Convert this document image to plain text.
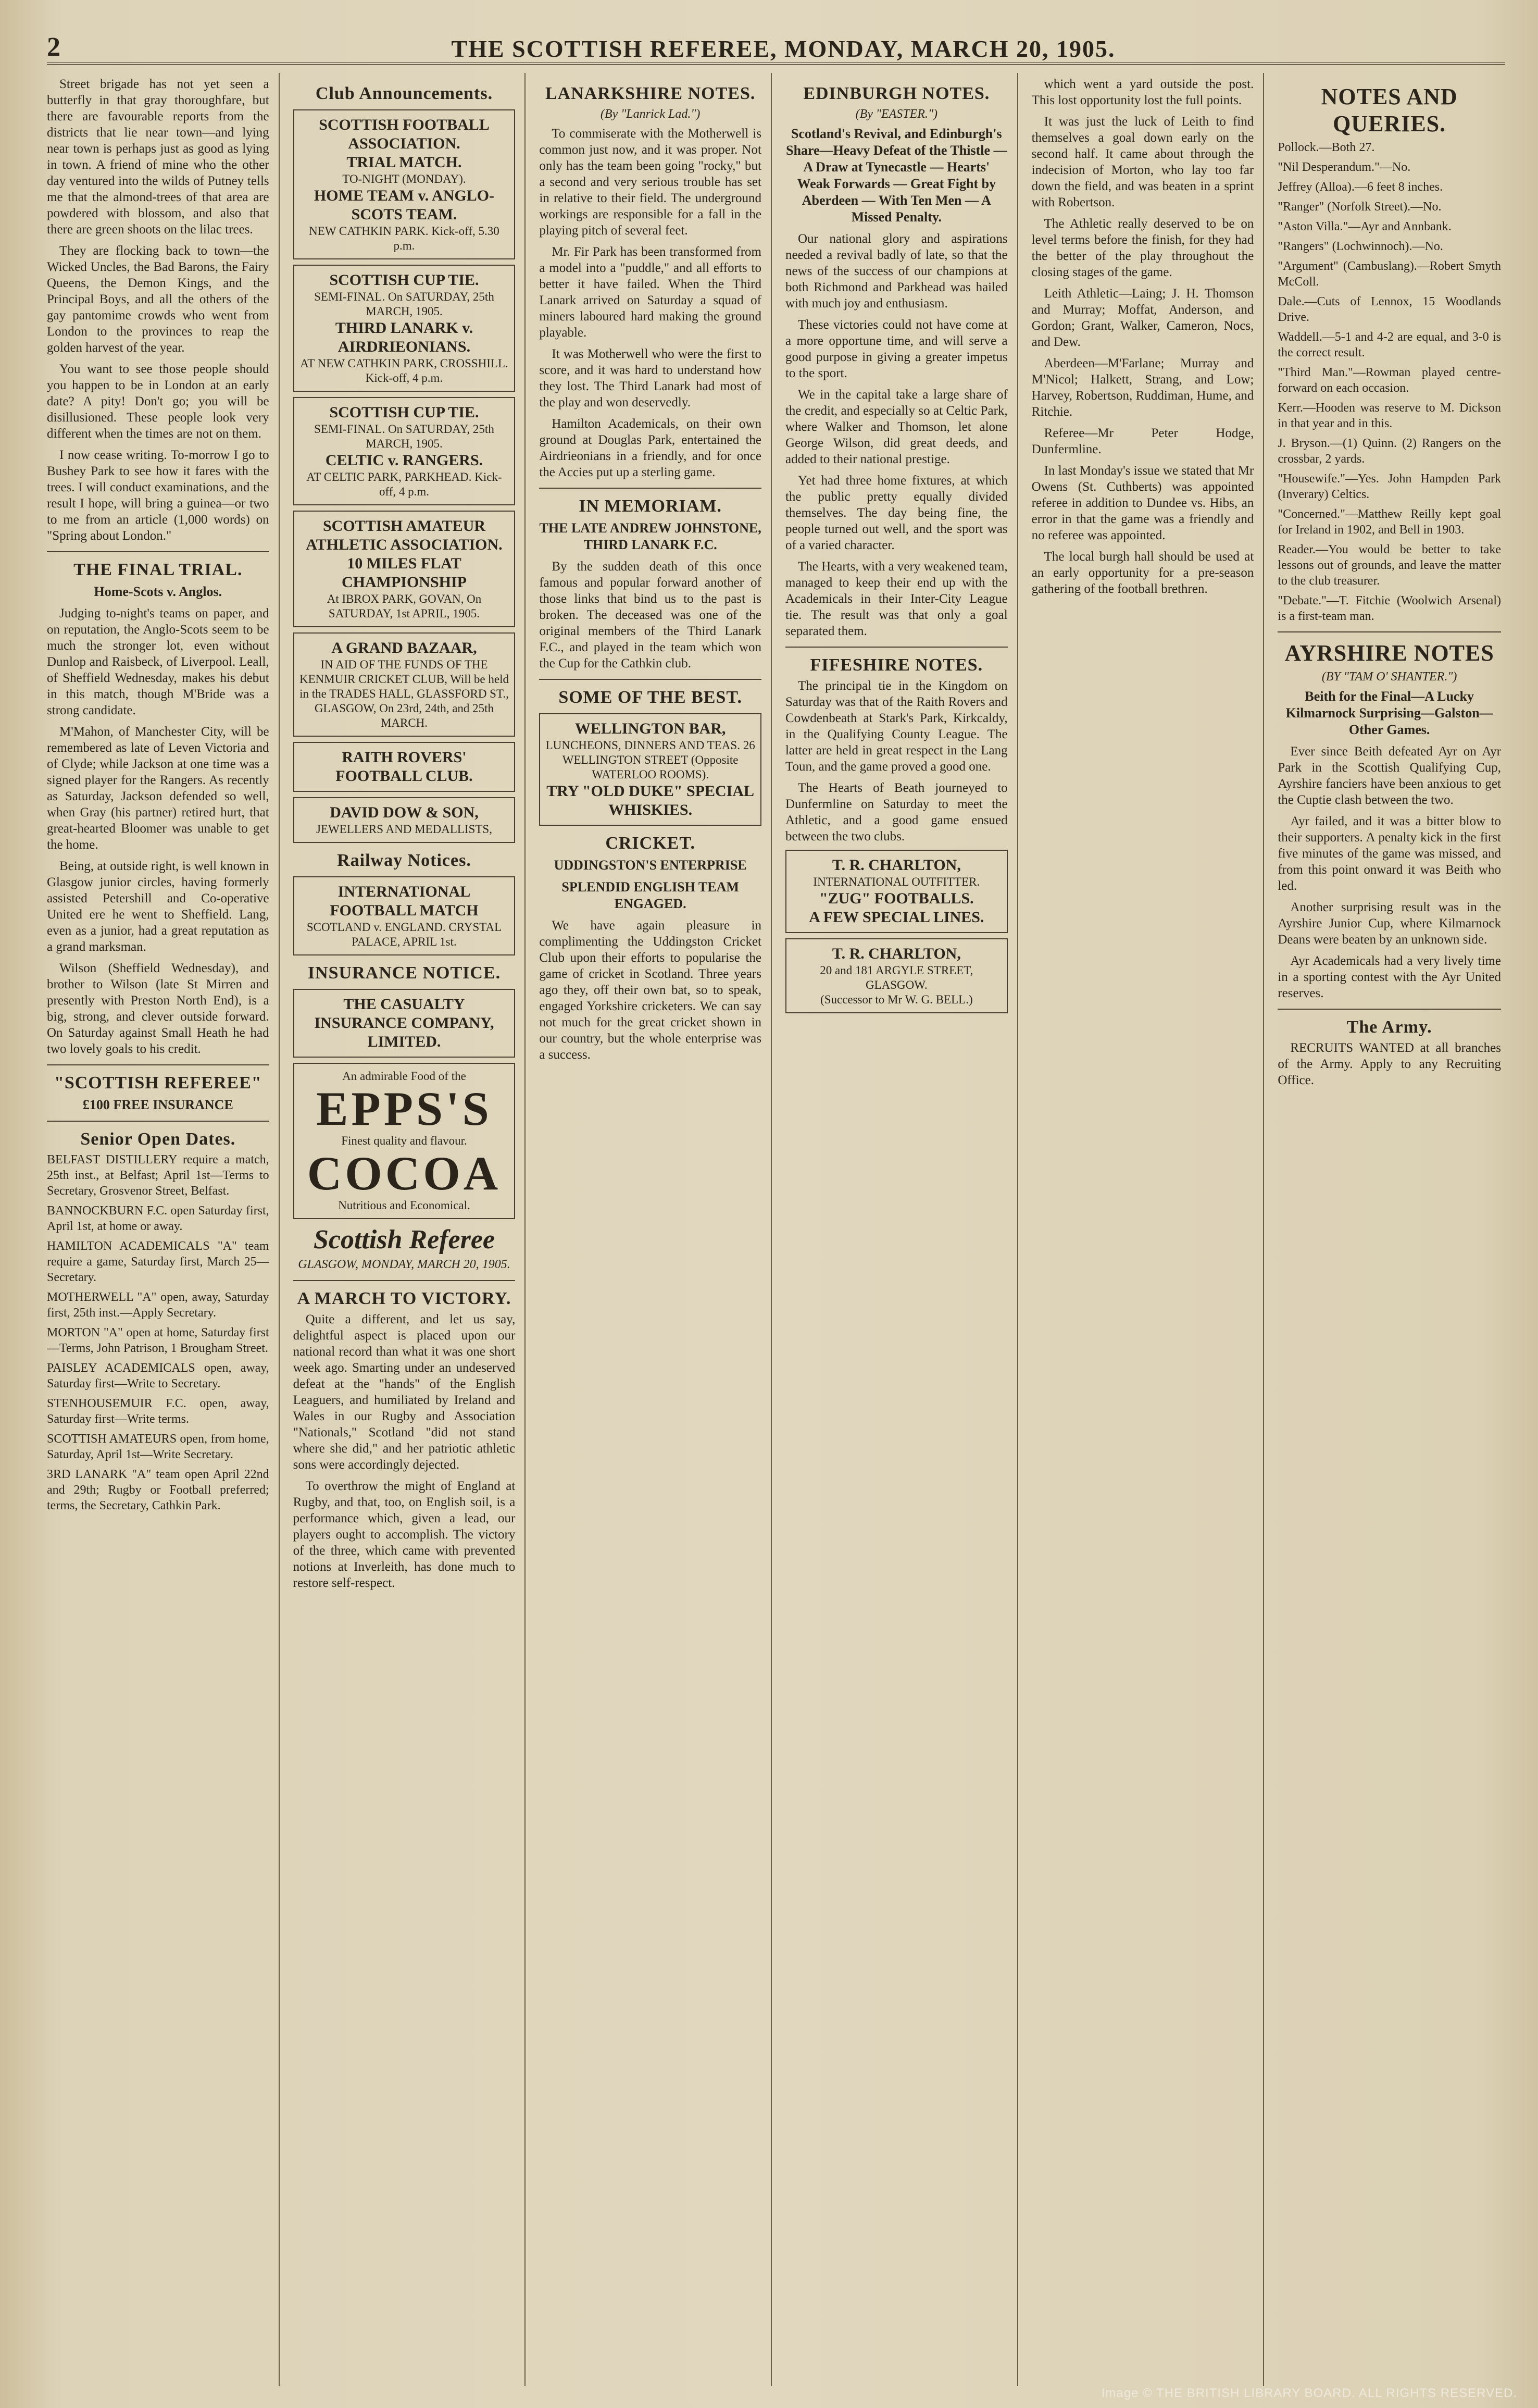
2	THE SCOTTISH REFEREE, MONDAY, MARCH 20, 1905.

Street brigade has not yet seen a butterfly in that gray thoroughfare, but there are favourable reports from the districts that lie near town—and lying near town is perhaps just as good as lying in town. A friend of mine who the other day ventured into the wilds of Putney tells me that the almond-trees of that area are powdered with blossom, and also that there are green shoots on the lilac trees.

They are flocking back to town—the Wicked Uncles, the Bad Barons, the Fairy Queens, the Demon Kings, and the Principal Boys, and all the others of the gay pantomime crowds who went from London to the provinces to reap the golden harvest of the year.

You want to see those people should you happen to be in London at an early date? A pity! Don't go; you will be disillusioned. These people look very different when the times are not on them.

I now cease writing. To-morrow I go to Bushey Park to see how it fares with the trees. I will conduct examinations, and the result I hope, will bring a guinea—or two to me from an article (1,000 words) on "Spring about London."

THE FINAL TRIAL.
Home-Scots v. Anglos.

Judging to-night's teams on paper, and on reputation, the Anglo-Scots seem to be much the stronger lot, even without Dunlop and Raisbeck, of Liverpool. Leall, of Sheffield Wednesday, makes his debut in this match, though M'Bride was a strong candidate.

M'Mahon, of Manchester City, will be remembered as late of Leven Victoria and of Clyde; while Jackson at one time was a signed player for the Rangers. As recently as Saturday, Jackson defended so well, when Gray (his partner) retired hurt, that great-hearted Bloomer was unable to get the home.

Being, at outside right, is well known in Glasgow junior circles, having formerly assisted Petershill and Co-operative United ere he went to Sheffield. Lang, even as a junior, had a great reputation as a grand marksman.

Wilson (Sheffield Wednesday), and brother to Wilson (late St Mirren and presently with Preston North End), is a big, strong, and clever outside forward. On Saturday against Small Heath he had two lovely goals to his credit.

"SCOTTISH REFEREE"
£100 FREE INSURANCE
Senior Open Dates.
BELFAST DISTILLERY require a match, 25th inst., at Belfast; April 1st—Terms to Secretary, Grosvenor Street, Belfast.
BANNOCKBURN F.C. open Saturday first, April 1st, at home or away.
HAMILTON ACADEMICALS "A" team require a game, Saturday first, March 25—Secretary.
MOTHERWELL "A" open, away, Saturday first, 25th inst.—Apply Secretary.
MORTON "A" open at home, Saturday first—Terms, John Patrison, 1 Brougham Street.
PAISLEY ACADEMICALS open, away, Saturday first—Write to Secretary.
STENHOUSEMUIR F.C. open, away, Saturday first—Write terms.
SCOTTISH AMATEURS open, from home, Saturday, April 1st—Write Secretary.
3RD LANARK "A" team open April 22nd and 29th; Rugby or Football preferred; terms, the Secretary, Cathkin Park.
Club Announcements.
SCOTTISH FOOTBALL ASSOCIATION.
TRIAL MATCH.
TO-NIGHT (MONDAY).
HOME TEAM v. ANGLO-SCOTS TEAM.
NEW CATHKIN PARK. Kick-off, 5.30 p.m.
SCOTTISH CUP TIE.
SEMI-FINAL. On SATURDAY, 25th MARCH, 1905.
THIRD LANARK v. AIRDRIEONIANS.
AT NEW CATHKIN PARK, CROSSHILL. Kick-off, 4 p.m.
SCOTTISH CUP TIE.
SEMI-FINAL. On SATURDAY, 25th MARCH, 1905.
CELTIC v. RANGERS.
AT CELTIC PARK, PARKHEAD. Kick-off, 4 p.m.
SCOTTISH AMATEUR ATHLETIC ASSOCIATION.
10 MILES FLAT CHAMPIONSHIP
At IBROX PARK, GOVAN, On SATURDAY, 1st APRIL, 1905.
A GRAND BAZAAR,
IN AID OF THE FUNDS OF THE KENMUIR CRICKET CLUB, Will be held in the TRADES HALL, GLASSFORD ST., GLASGOW, On 23rd, 24th, and 25th MARCH.
RAITH ROVERS' FOOTBALL CLUB.
DAVID DOW & SON,
JEWELLERS AND MEDALLISTS,
Railway Notices.
INTERNATIONAL FOOTBALL MATCH
SCOTLAND v. ENGLAND. CRYSTAL PALACE, APRIL 1st.
INSURANCE NOTICE.
THE CASUALTY INSURANCE COMPANY, LIMITED.
An admirable Food of the
EPPS'S
Finest quality and flavour.
COCOA
Nutritious and Economical.
Scottish Referee
GLASGOW, MONDAY, MARCH 20, 1905.
A MARCH TO VICTORY.

Quite a different, and let us say, delightful aspect is placed upon our national record than what it was one short week ago. Smarting under an undeserved defeat at the "hands" of the English Leaguers, and humiliated by Ireland and Wales in our Rugby and Association "Nationals," Scotland "did not stand where she did," and her patriotic athletic sons were accordingly dejected.

To overthrow the might of England at Rugby, and that, too, on English soil, is a performance which, given a lead, our players ought to accomplish. The victory of the three, which came with prevented notions at Inverleith, has done much to restore self-respect.

LANARKSHIRE NOTES.
(By "Lanrick Lad.")

To commiserate with the Motherwell is common just now, and it was proper. Not only has the team been going "rocky," but a second and very serious trouble has set in relative to their field. The underground workings are responsible for a fall in the playing pitch of several feet.

Mr. Fir Park has been transformed from a model into a "puddle," and all efforts to better it have failed. When the Third Lanark arrived on Saturday a squad of miners laboured hard making the ground playable.

It was Motherwell who were the first to score, and it was hard to understand how they lost. The Third Lanark had most of the play and won deservedly.

Hamilton Academicals, on their own ground at Douglas Park, entertained the Airdrieonians in a friendly, and for once the Accies put up a sterling game.

IN MEMORIAM.
THE LATE ANDREW JOHNSTONE, THIRD LANARK F.C.

By the sudden death of this once famous and popular forward another of those links that bind us to the past is broken. The deceased was one of the original members of the Third Lanark F.C., and played in the team which won the Cup for the Cathkin club.

SOME OF THE BEST.
WELLINGTON BAR,
LUNCHEONS, DINNERS AND TEAS. 26 WELLINGTON STREET (Opposite WATERLOO ROOMS).
TRY "OLD DUKE" SPECIAL WHISKIES.
CRICKET.
UDDINGSTON'S ENTERPRISE
SPLENDID ENGLISH TEAM ENGAGED.

We have again pleasure in complimenting the Uddingston Cricket Club upon their efforts to popularise the game of cricket in Scotland. Three years ago they, off their own bat, so to speak, engaged Yorkshire cricketers. We can say not much for the great cricket shown in our country, but the whole enterprise was a success.

EDINBURGH NOTES.
(By "EASTER.")
Scotland's Revival, and Edinburgh's Share—Heavy Defeat of the Thistle —A Draw at Tynecastle — Hearts' Weak Forwards — Great Fight by Aberdeen — With Ten Men — A Missed Penalty.

Our national glory and aspirations needed a revival badly of late, so that the news of the success of our champions at both Richmond and Parkhead was hailed with much joy and enthusiasm.

These victories could not have come at a more opportune time, and will serve a good purpose in giving a greater impetus to the sport.

We in the capital take a large share of the credit, and especially so at Celtic Park, where Walker and Thomson, let alone George Wilson, did great deeds, and added to their national prestige.

Yet had three home fixtures, at which the public pretty equally divided themselves. The day being fine, the people turned out well, and the sport was of a varied character.

The Hearts, with a very weakened team, managed to keep their end up with the Academicals in their Inter-City League tie. The result was that only a goal separated them.

FIFESHIRE NOTES.

The principal tie in the Kingdom on Saturday was that of the Raith Rovers and Cowdenbeath at Stark's Park, Kirkcaldy, in the Qualifying County League. The latter are held in great respect in the Lang Toun, and the game proved a good one.

The Hearts of Beath journeyed to Dunfermline on Saturday to meet the Athletic, and a good game ensued between the two clubs.

T. R. CHARLTON,
INTERNATIONAL OUTFITTER.
"ZUG" FOOTBALLS.
A FEW SPECIAL LINES.
T. R. CHARLTON,
20 and 181 ARGYLE STREET, GLASGOW.
(Successor to Mr W. G. BELL.)

which went a yard outside the post. This lost opportunity lost the full points.

It was just the luck of Leith to find themselves a goal down early on the second half. It came about through the indecision of Morton, who lay too far down the field, and was beaten in a sprint with Robertson.

The Athletic really deserved to be on level terms before the finish, for they had the better of the play throughout the closing stages of the game.

Leith Athletic—Laing; J. H. Thomson and Murray; Moffat, Anderson, and Gordon; Grant, Walker, Cameron, Nocs, and Dew.

Aberdeen—M'Farlane; Murray and M'Nicol; Halkett, Strang, and Low; Harvey, Robertson, Ruddiman, Hume, and Ritchie.

Referee—Mr Peter Hodge, Dunfermline.

In last Monday's issue we stated that Mr Owens (St. Cuthberts) was appointed referee in addition to Dundee vs. Hibs, an error in that the game was a friendly and no referee was appointed.

The local burgh hall should be used at an early opportunity for a pre-season gathering of the football brethren.

NOTES AND QUERIES.
Pollock.—Both 27.
"Nil Desperandum."—No.
Jeffrey (Alloa).—6 feet 8 inches.
"Ranger" (Norfolk Street).—No.
"Aston Villa."—Ayr and Annbank.
"Rangers" (Lochwinnoch).—No.
"Argument" (Cambuslang).—Robert Smyth McColl.
Dale.—Cuts of Lennox, 15 Woodlands Drive.
Waddell.—5-1 and 4-2 are equal, and 3-0 is the correct result.
"Third Man."—Rowman played centre-forward on each occasion.
Kerr.—Hooden was reserve to M. Dickson in that year and in this.
J. Bryson.—(1) Quinn. (2) Rangers on the crossbar, 2 yards.
"Housewife."—Yes. John Hampden Park (Inverary) Celtics.
"Concerned."—Matthew Reilly kept goal for Ireland in 1902, and Bell in 1903.
Reader.—You would be better to take lessons out of grounds, and leave the matter to the club treasurer.
"Debate."—T. Fitchie (Woolwich Arsenal) is a first-team man.
AYRSHIRE NOTES
(BY "TAM O' SHANTER.")
Beith for the Final—A Lucky Kilmarnock Surprising—Galston—Other Games.

Ever since Beith defeated Ayr on Ayr Park in the Scottish Qualifying Cup, Ayrshire fanciers have been anxious to get the Cuptie clash between the two.

Ayr failed, and it was a bitter blow to their supporters. A penalty kick in the first five minutes of the game was missed, and from this point onward it was Beith who led.

Another surprising result was in the Ayrshire Junior Cup, where Kilmarnock Deans were beaten by an unknown side.

Ayr Academicals had a very lively time in a sporting contest with the Ayr United reserves.

The Army.

RECRUITS WANTED at all branches of the Army. Apply to any Recruiting Office.

Image © THE BRITISH LIBRARY BOARD. ALL RIGHTS RESERVED.
